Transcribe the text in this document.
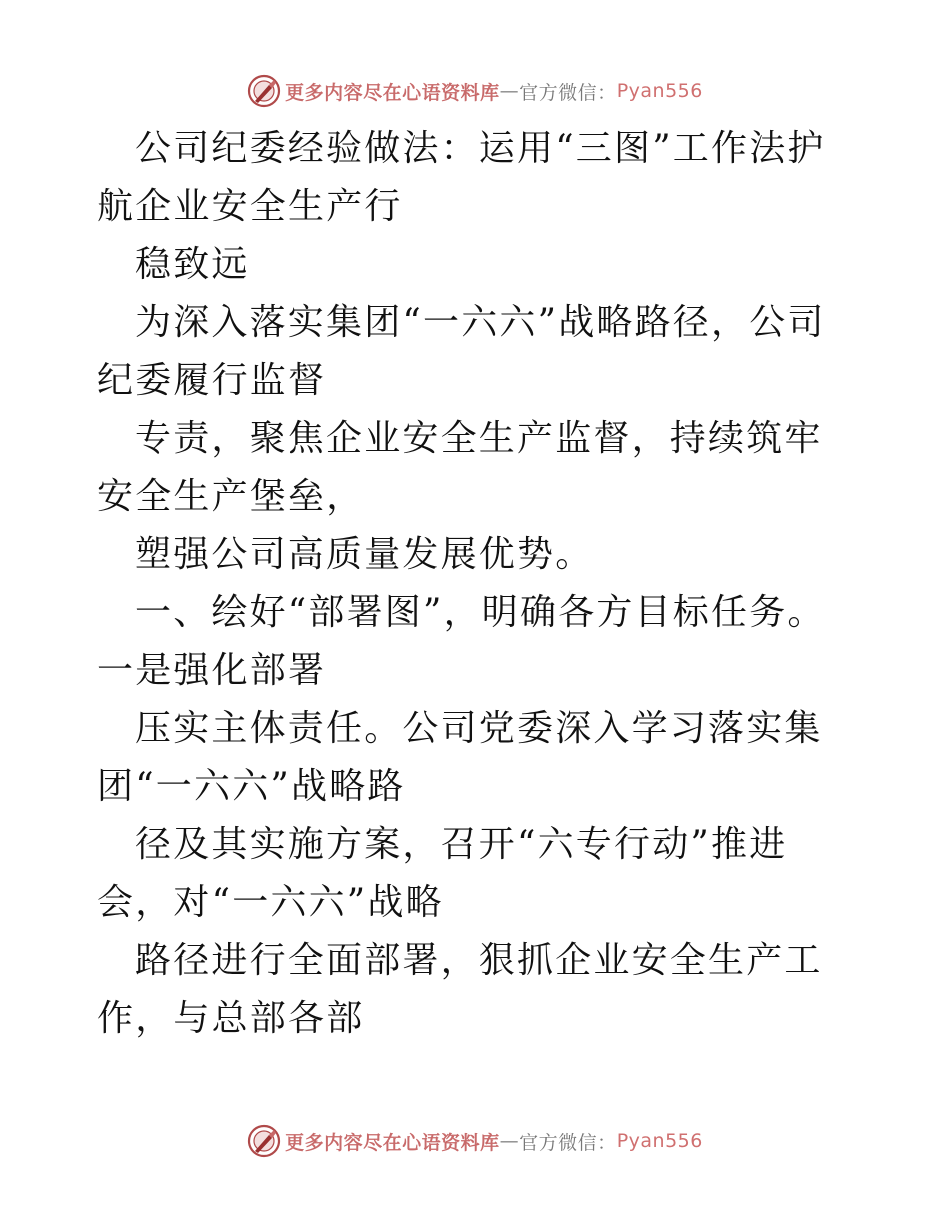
更多内容尽在心语资料库 — 官方微信： Pyan556

公司纪委经验做法：运用“三图”工作法护航企业安全生产行

稳致远

为深入落实集团“一六六”战略路径，公司纪委履行监督

专责，聚焦企业安全生产监督，持续筑牢安全生产堡垒，

塑强公司高质量发展优势。

一、绘好“部署图”，明确各方目标任务。一是强化部署

压实主体责任。公司党委深入学习落实集团“一六六”战略路

径及其实施方案，召开“六专行动”推进会，对“一六六”战略

路径进行全面部署，狠抓企业安全生产工作，与总部各部

更多内容尽在心语资料库 — 官方微信： Pyan556
